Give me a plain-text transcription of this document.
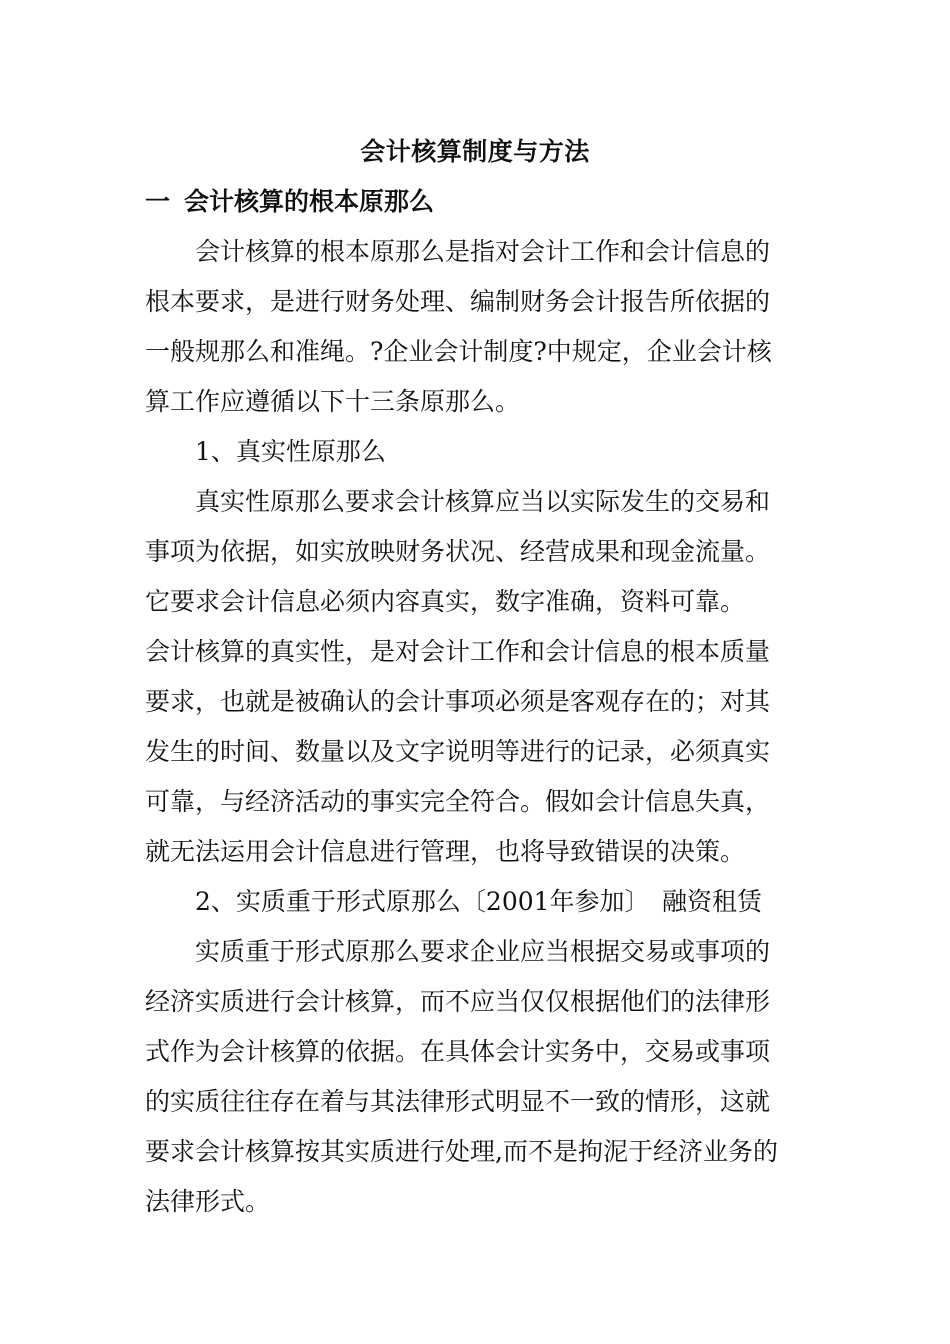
会计核算制度与方法
一 会计核算的根本原那么
会计核算的根本原那么是指对会计工作和会计信息的
根本要求，是进行财务处理、编制财务会计报告所依据的
一般规那么和准绳。?企业会计制度?中规定，企业会计核
算工作应遵循以下十三条原那么。
1、真实性原那么
真实性原那么要求会计核算应当以实际发生的交易和
事项为依据，如实放映财务状况、经营成果和现金流量。
它要求会计信息必须内容真实，数字准确，资料可靠。
会计核算的真实性，是对会计工作和会计信息的根本质量
要求，也就是被确认的会计事项必须是客观存在的；对其
发生的时间、数量以及文字说明等进行的记录，必须真实
可靠，与经济活动的事实完全符合。假如会计信息失真，
就无法运用会计信息进行管理，也将导致错误的决策。
2、实质重于形式原那么〔2001年参加〕　融资租赁
实质重于形式原那么要求企业应当根据交易或事项的
经济实质进行会计核算，而不应当仅仅根据他们的法律形
式作为会计核算的依据。在具体会计实务中，交易或事项
的实质往往存在着与其法律形式明显不一致的情形，这就
要求会计核算按其实质进行处理,而不是拘泥于经济业务的
法律形式。
